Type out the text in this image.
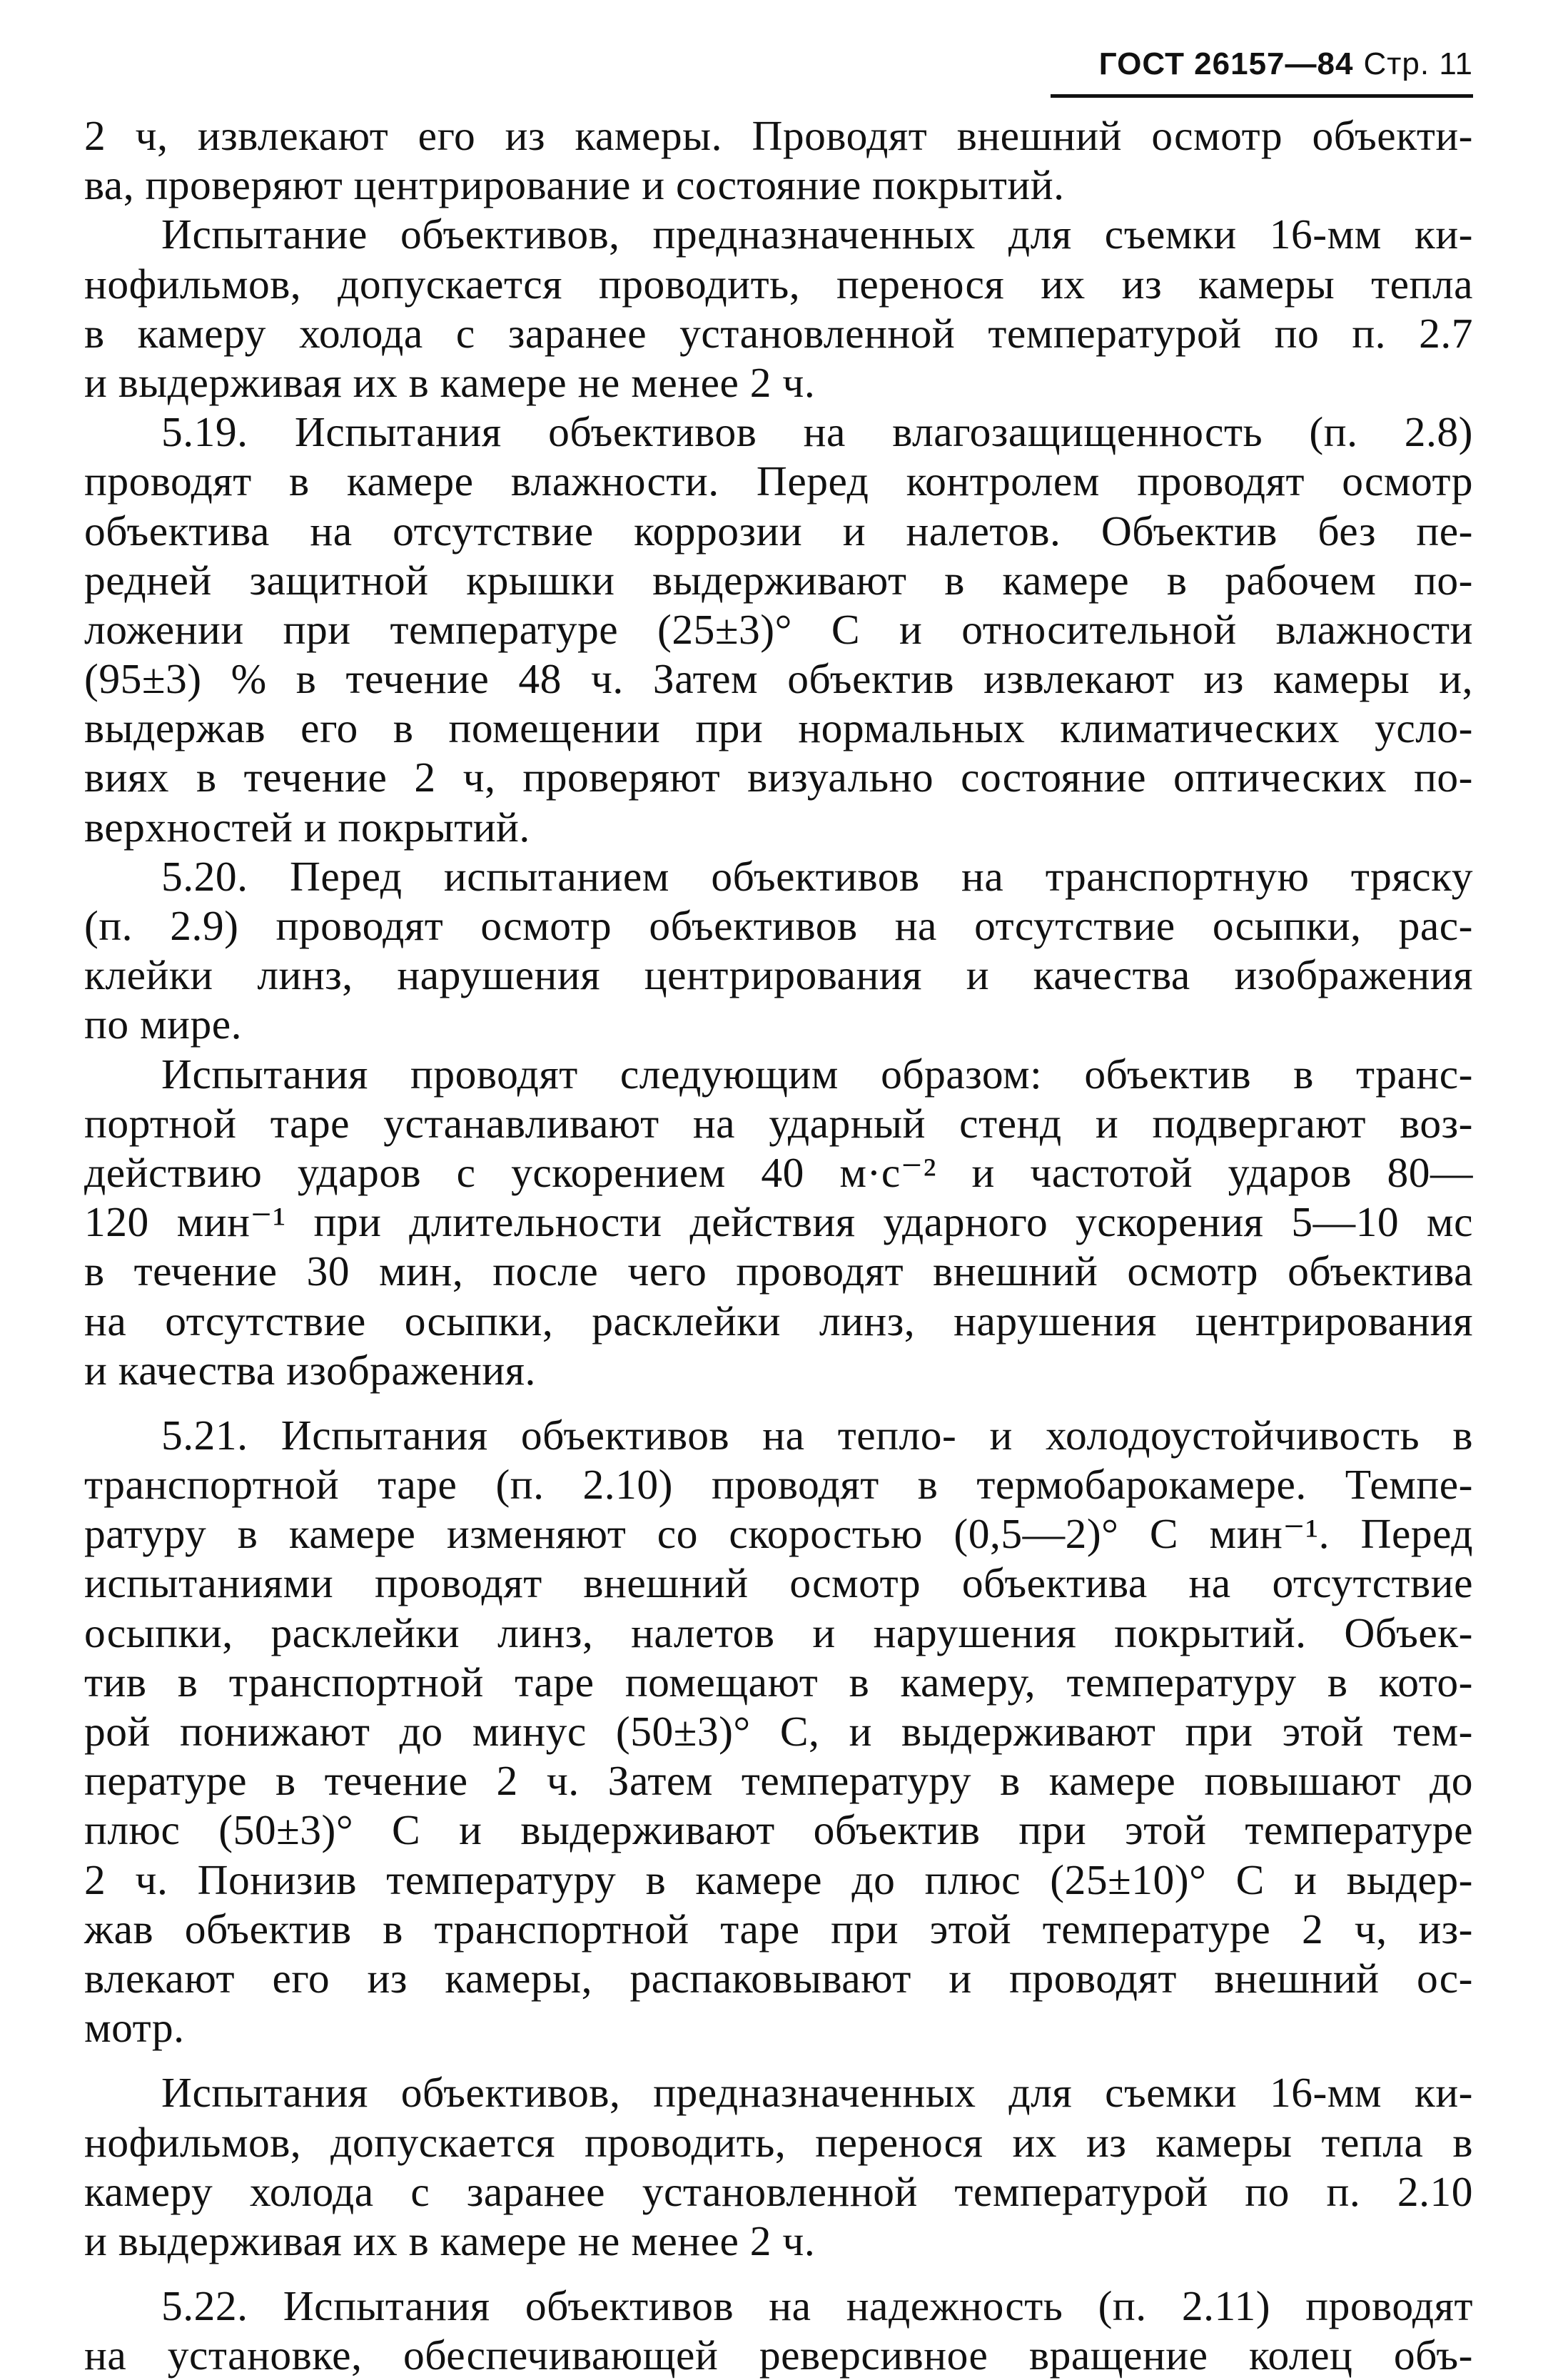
ГОСТ 26157—84 Стр. 11

2 ч, извлекают его из камеры. Проводят внешний осмотр объекти-
ва, проверяют центрирование и состояние покрытий.

Испытание объективов, предназначенных для съемки 16-мм ки-
нофильмов, допускается проводить, перенося их из камеры тепла
в камеру холода с заранее установленной температурой по п. 2.7
и выдерживая их в камере не менее 2 ч.

5.19. Испытания объективов на влагозащищенность (п. 2.8)
проводят в камере влажности. Перед контролем проводят осмотр
объектива на отсутствие коррозии и налетов. Объектив без пе-
редней защитной крышки выдерживают в камере в рабочем по-
ложении при температуре (25±3)° С и относительной влажности
(95±3) % в течение 48 ч. Затем объектив извлекают из камеры и,
выдержав его в помещении при нормальных климатических усло-
виях в течение 2 ч, проверяют визуально состояние оптических по-
верхностей и покрытий.

5.20. Перед испытанием объективов на транспортную тряску
(п. 2.9) проводят осмотр объективов на отсутствие осыпки, рас-
клейки линз, нарушения центрирования и качества изображения
по мире.

Испытания проводят следующим образом: объектив в транс-
портной таре устанавливают на ударный стенд и подвергают воз-
действию ударов с ускорением 40 м·с⁻² и частотой ударов 80—
120 мин⁻¹ при длительности действия ударного ускорения 5—10 мс
в течение 30 мин, после чего проводят внешний осмотр объектива
на отсутствие осыпки, расклейки линз, нарушения центрирования
и качества изображения.

5.21. Испытания объективов на тепло- и холодоустойчивость в
транспортной таре (п. 2.10) проводят в термобарокамере. Темпе-
ратуру в камере изменяют со скоростью (0,5—2)° С мин⁻¹. Перед
испытаниями проводят внешний осмотр объектива на отсутствие
осыпки, расклейки линз, налетов и нарушения покрытий. Объек-
тив в транспортной таре помещают в камеру, температуру в кото-
рой понижают до минус (50±3)° С, и выдерживают при этой тем-
пературе в течение 2 ч. Затем температуру в камере повышают до
плюс (50±3)° С и выдерживают объектив при этой температуре
2 ч. Понизив температуру в камере до плюс (25±10)° С и выдер-
жав объектив в транспортной таре при этой температуре 2 ч, из-
влекают его из камеры, распаковывают и проводят внешний ос-
мотр.

Испытания объективов, предназначенных для съемки 16-мм ки-
нофильмов, допускается проводить, перенося их из камеры тепла в
камеру холода с заранее установленной температурой по п. 2.10
и выдерживая их в камере не менее 2 ч.

5.22. Испытания объективов на надежность (п. 2.11) проводят
на установке, обеспечивающей реверсивное вращение колец объ-
